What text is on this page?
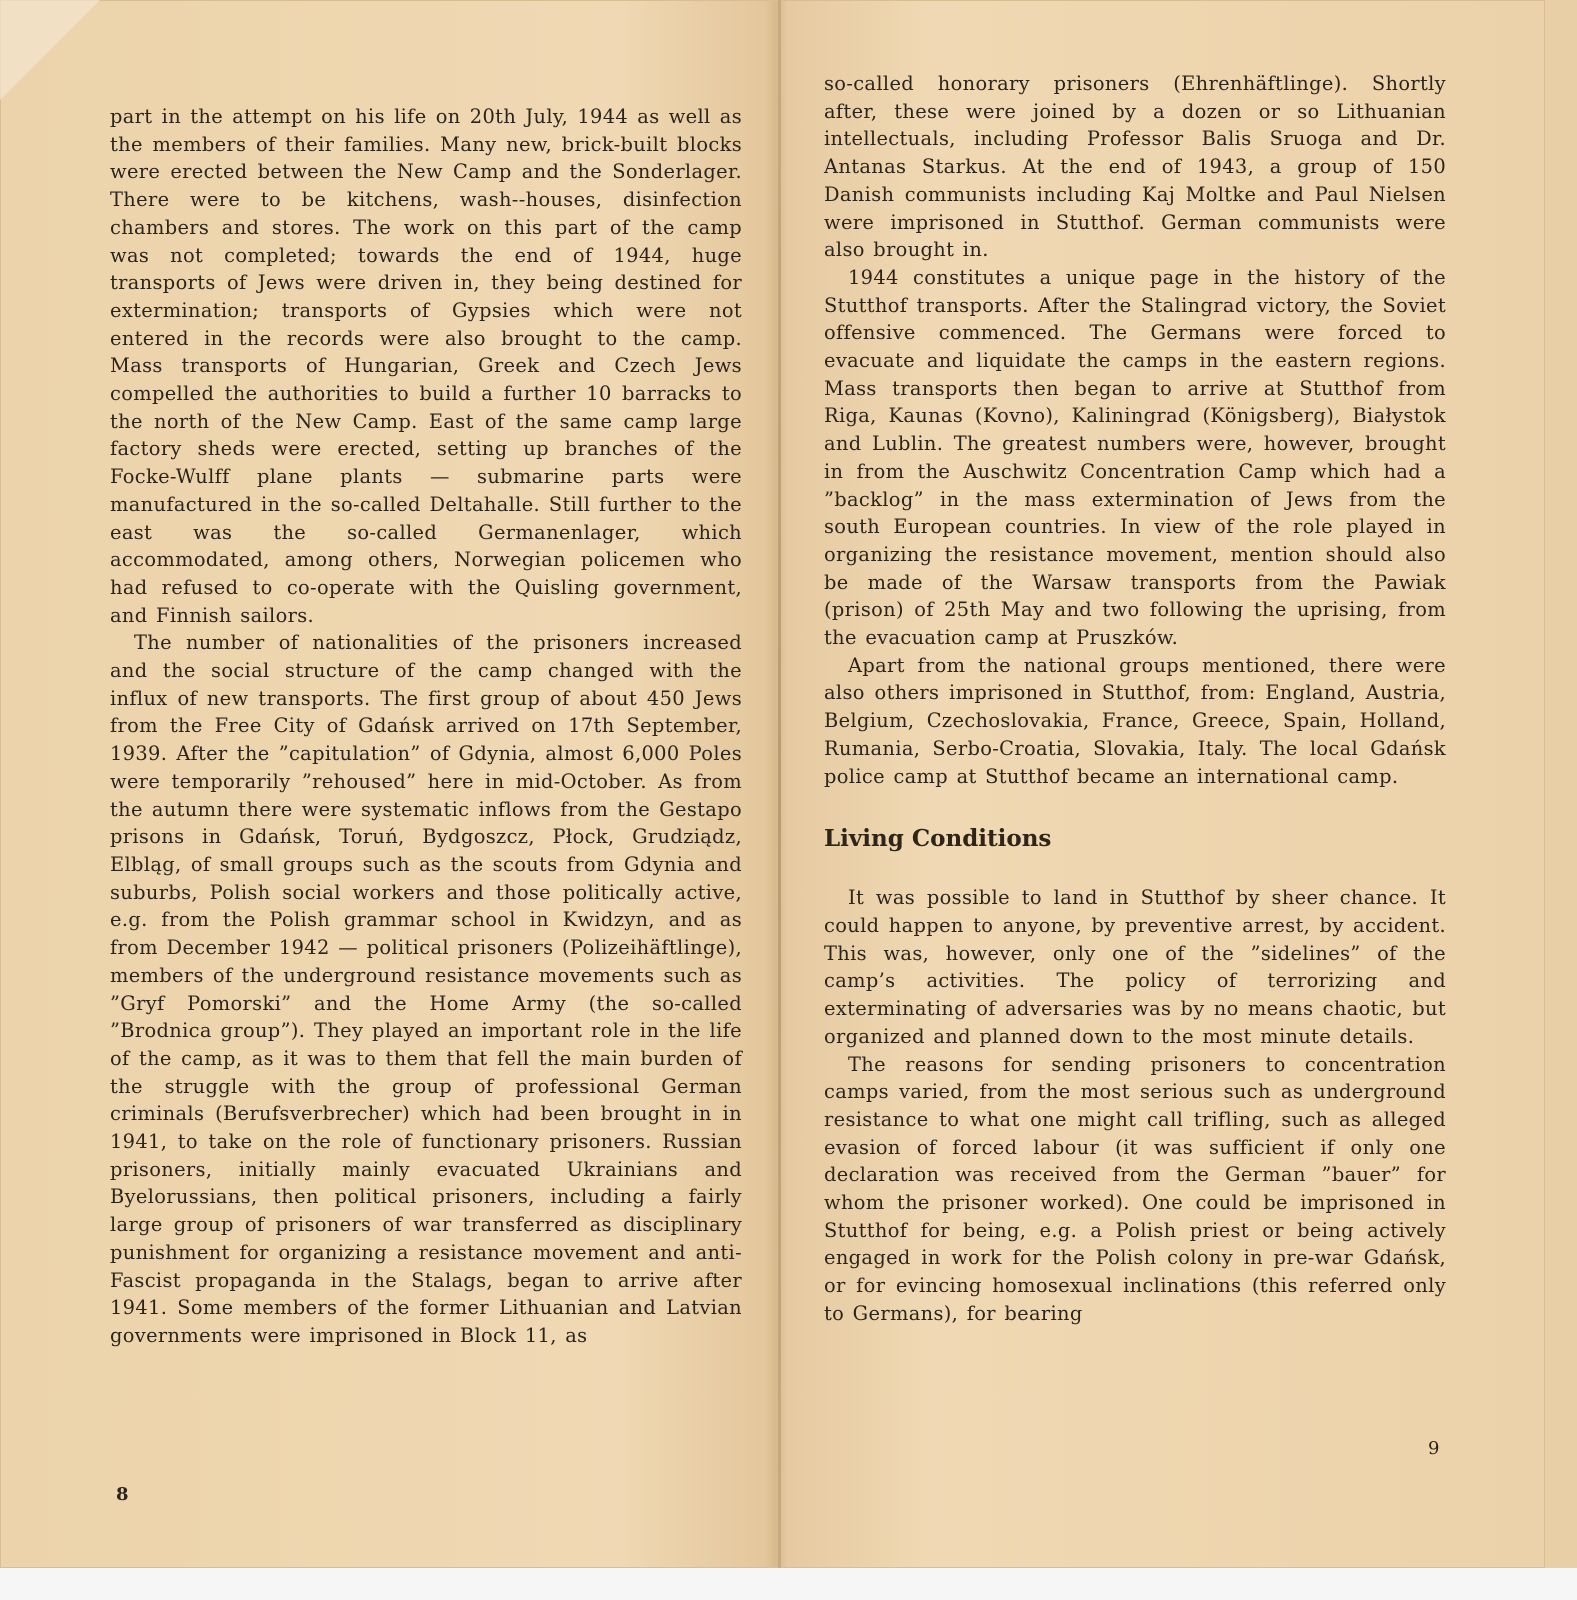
part in the attempt on his life on 20th July, 1944 as well as the members of their families. Many new, brick-built blocks were erected between the New Camp and the Sonderlager. There were to be kitchens, wash--houses, disinfection chambers and stores. The work on this part of the camp was not completed; towards the end of 1944, huge transports of Jews were driven in, they being destined for extermination; transports of Gypsies which were not entered in the records were also brought to the camp. Mass transports of Hungarian, Greek and Czech Jews compelled the authorities to build a further 10 barracks to the north of the New Camp. East of the same camp large factory sheds were erected, setting up branches of the Focke-Wulff plane plants — submarine parts were manufactured in the so-called Deltahalle. Still further to the east was the so-called Germanenlager, which accommodated, among others, Norwegian policemen who had refused to co-operate with the Quisling government, and Finnish sailors.

The number of nationalities of the prisoners increased and the social structure of the camp changed with the influx of new transports. The first group of about 450 Jews from the Free City of Gdańsk arrived on 17th September, 1939. After the ”capitulation” of Gdynia, almost 6,000 Poles were temporarily ”rehoused” here in mid-October. As from the autumn there were systematic inflows from the Gestapo prisons in Gdańsk, Toruń, Bydgoszcz, Płock, Grudziądz, Elbląg, of small groups such as the scouts from Gdynia and suburbs, Polish social workers and those politically active, e.g. from the Polish grammar school in Kwidzyn, and as from December 1942 — political prisoners (Polizeihäftlinge), members of the underground resistance movements such as ”Gryf Pomorski” and the Home Army (the so-called ”Brodnica group”). They played an important role in the life of the camp, as it was to them that fell the main burden of the struggle with the group of professional German criminals (Berufsverbrecher) which had been brought in in 1941, to take on the role of functionary prisoners. Russian prisoners, initially mainly evacuated Ukrainians and Byelorussians, then political prisoners, including a fairly large group of prisoners of war transferred as disciplinary punishment for organizing a resistance movement and anti-Fascist propaganda in the Stalags, began to arrive after 1941. Some members of the former Lithuanian and Latvian governments were imprisoned in Block 11, as

8

so-called honorary prisoners (Ehrenhäftlinge). Shortly after, these were joined by a dozen or so Lithuanian intellectuals, including Professor Balis Sruoga and Dr. Antanas Starkus. At the end of 1943, a group of 150 Danish communists including Kaj Moltke and Paul Nielsen were imprisoned in Stutthof. German communists were also brought in.

1944 constitutes a unique page in the history of the Stutthof transports. After the Stalingrad victory, the Soviet offensive commenced. The Germans were forced to evacuate and liquidate the camps in the eastern regions. Mass transports then began to arrive at Stutthof from Riga, Kaunas (Kovno), Kaliningrad (Königsberg), Białystok and Lublin. The greatest numbers were, however, brought in from the Auschwitz Concentration Camp which had a ”backlog” in the mass extermination of Jews from the south European countries. In view of the role played in organizing the resistance movement, mention should also be made of the Warsaw transports from the Pawiak (prison) of 25th May and two following the uprising, from the evacuation camp at Pruszków.

Apart from the national groups mentioned, there were also others imprisoned in Stutthof, from: England, Austria, Belgium, Czechoslovakia, France, Greece, Spain, Holland, Rumania, Serbo-Croatia, Slovakia, Italy. The local Gdańsk police camp at Stutthof became an international camp.

Living Conditions

It was possible to land in Stutthof by sheer chance. It could happen to anyone, by preventive arrest, by accident. This was, however, only one of the ”sidelines” of the camp’s activities. The policy of terrorizing and exterminating of adversaries was by no means chaotic, but organized and planned down to the most minute details.

The reasons for sending prisoners to concentration camps varied, from the most serious such as underground resistance to what one might call trifling, such as alleged evasion of forced labour (it was sufficient if only one declaration was received from the German ”bauer” for whom the prisoner worked). One could be imprisoned in Stutthof for being, e.g. a Polish priest or being actively engaged in work for the Polish colony in pre-war Gdańsk, or for evincing homosexual inclinations (this referred only to Germans), for bearing

9
